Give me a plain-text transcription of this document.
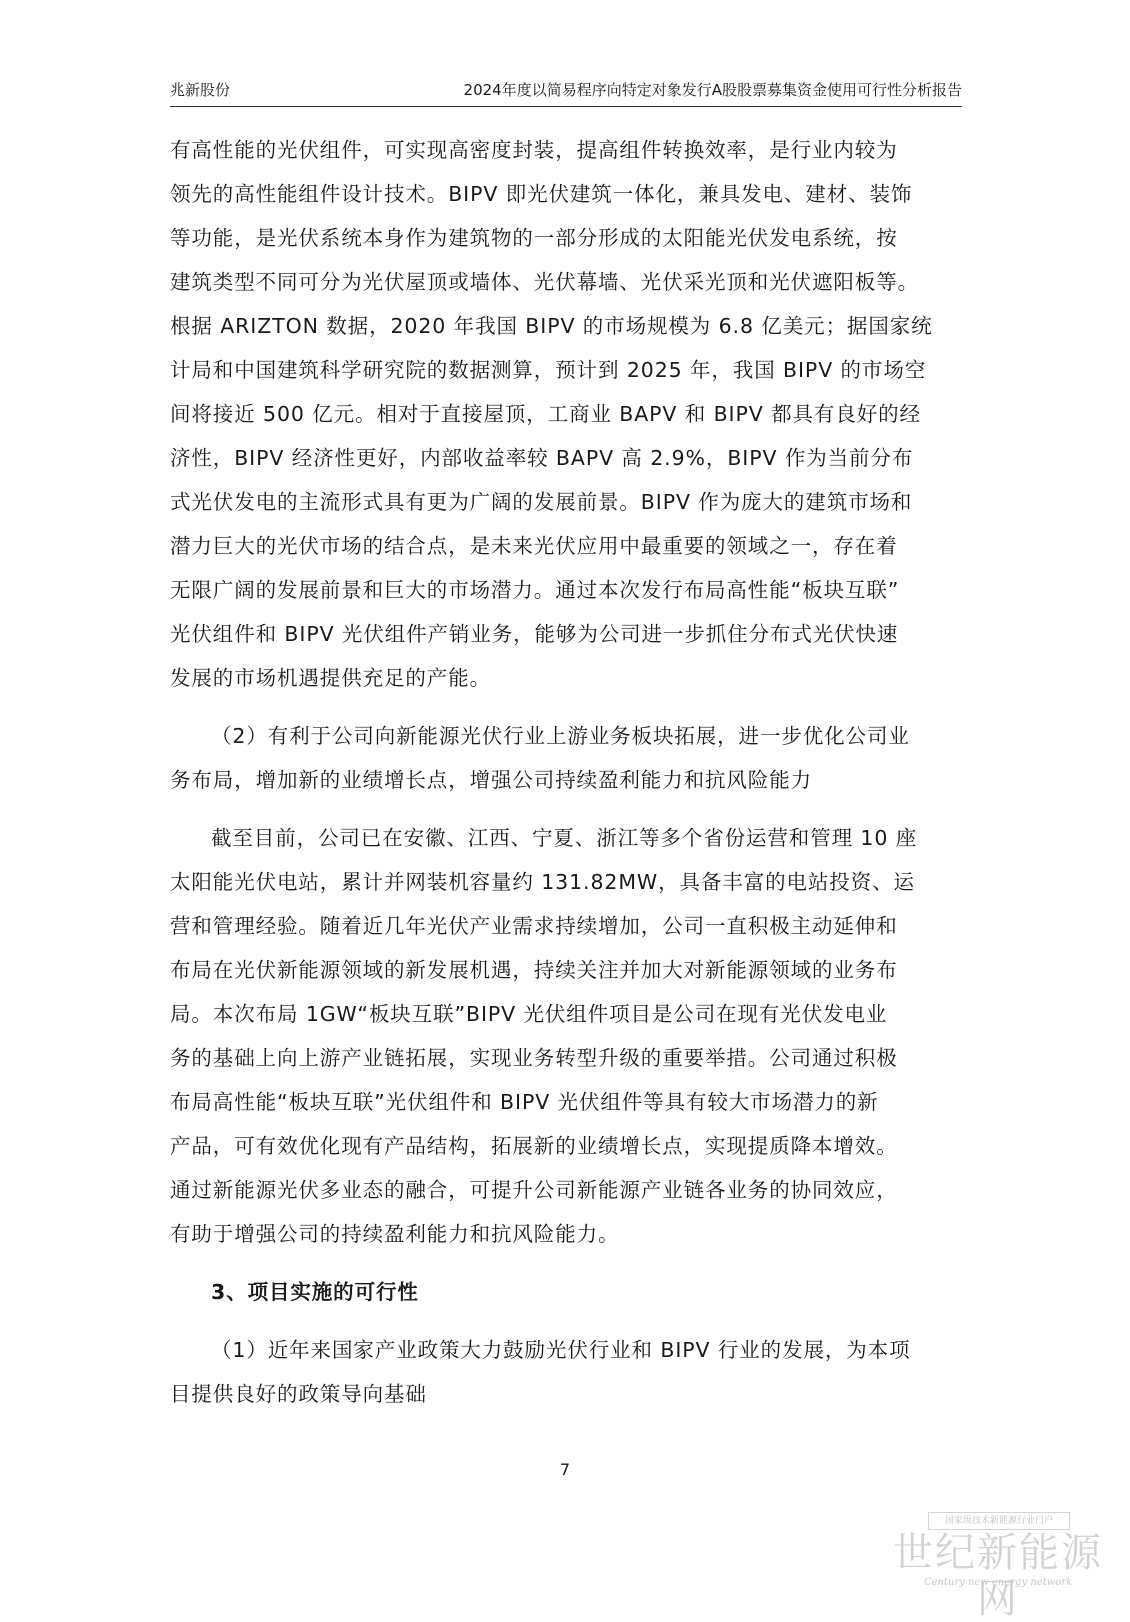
兆新股份	2024年度以简易程序向特定对象发行A股股票募集资金使用可行性分析报告
有高性能的光伏组件，可实现高密度封装，提高组件转换效率，是行业内较为
领先的高性能组件设计技术。BIPV 即光伏建筑一体化，兼具发电、建材、装饰
等功能，是光伏系统本身作为建筑物的一部分形成的太阳能光伏发电系统，按
建筑类型不同可分为光伏屋顶或墙体、光伏幕墙、光伏采光顶和光伏遮阳板等。
根据 ARIZTON 数据，2020 年我国 BIPV 的市场规模为 6.8 亿美元；据国家统
计局和中国建筑科学研究院的数据测算，预计到 2025 年，我国 BIPV 的市场空
间将接近 500 亿元。相对于直接屋顶，工商业 BAPV 和 BIPV 都具有良好的经
济性，BIPV 经济性更好，内部收益率较 BAPV 高 2.9%，BIPV 作为当前分布
式光伏发电的主流形式具有更为广阔的发展前景。BIPV 作为庞大的建筑市场和
潜力巨大的光伏市场的结合点，是未来光伏应用中最重要的领域之一，存在着
无限广阔的发展前景和巨大的市场潜力。通过本次发行布局高性能“板块互联”
光伏组件和 BIPV 光伏组件产销业务，能够为公司进一步抓住分布式光伏快速
发展的市场机遇提供充足的产能。
（2）有利于公司向新能源光伏行业上游业务板块拓展，进一步优化公司业
务布局，增加新的业绩增长点，增强公司持续盈利能力和抗风险能力
截至目前，公司已在安徽、江西、宁夏、浙江等多个省份运营和管理 10 座
太阳能光伏电站，累计并网装机容量约 131.82MW，具备丰富的电站投资、运
营和管理经验。随着近几年光伏产业需求持续增加，公司一直积极主动延伸和
布局在光伏新能源领域的新发展机遇，持续关注并加大对新能源领域的业务布
局。本次布局 1GW“板块互联”BIPV 光伏组件项目是公司在现有光伏发电业
务的基础上向上游产业链拓展，实现业务转型升级的重要举措。公司通过积极
布局高性能“板块互联”光伏组件和 BIPV 光伏组件等具有较大市场潜力的新
产品，可有效优化现有产品结构，拓展新的业绩增长点，实现提质降本增效。
通过新能源光伏多业态的融合，可提升公司新能源产业链各业务的协同效应，
有助于增强公司的持续盈利能力和抗风险能力。
3、项目实施的可行性
（1）近年来国家产业政策大力鼓励光伏行业和 BIPV 行业的发展，为本项
目提供良好的政策导向基础
7
国家级技术新能源行业门户
世纪新能源网
Century new energy network
